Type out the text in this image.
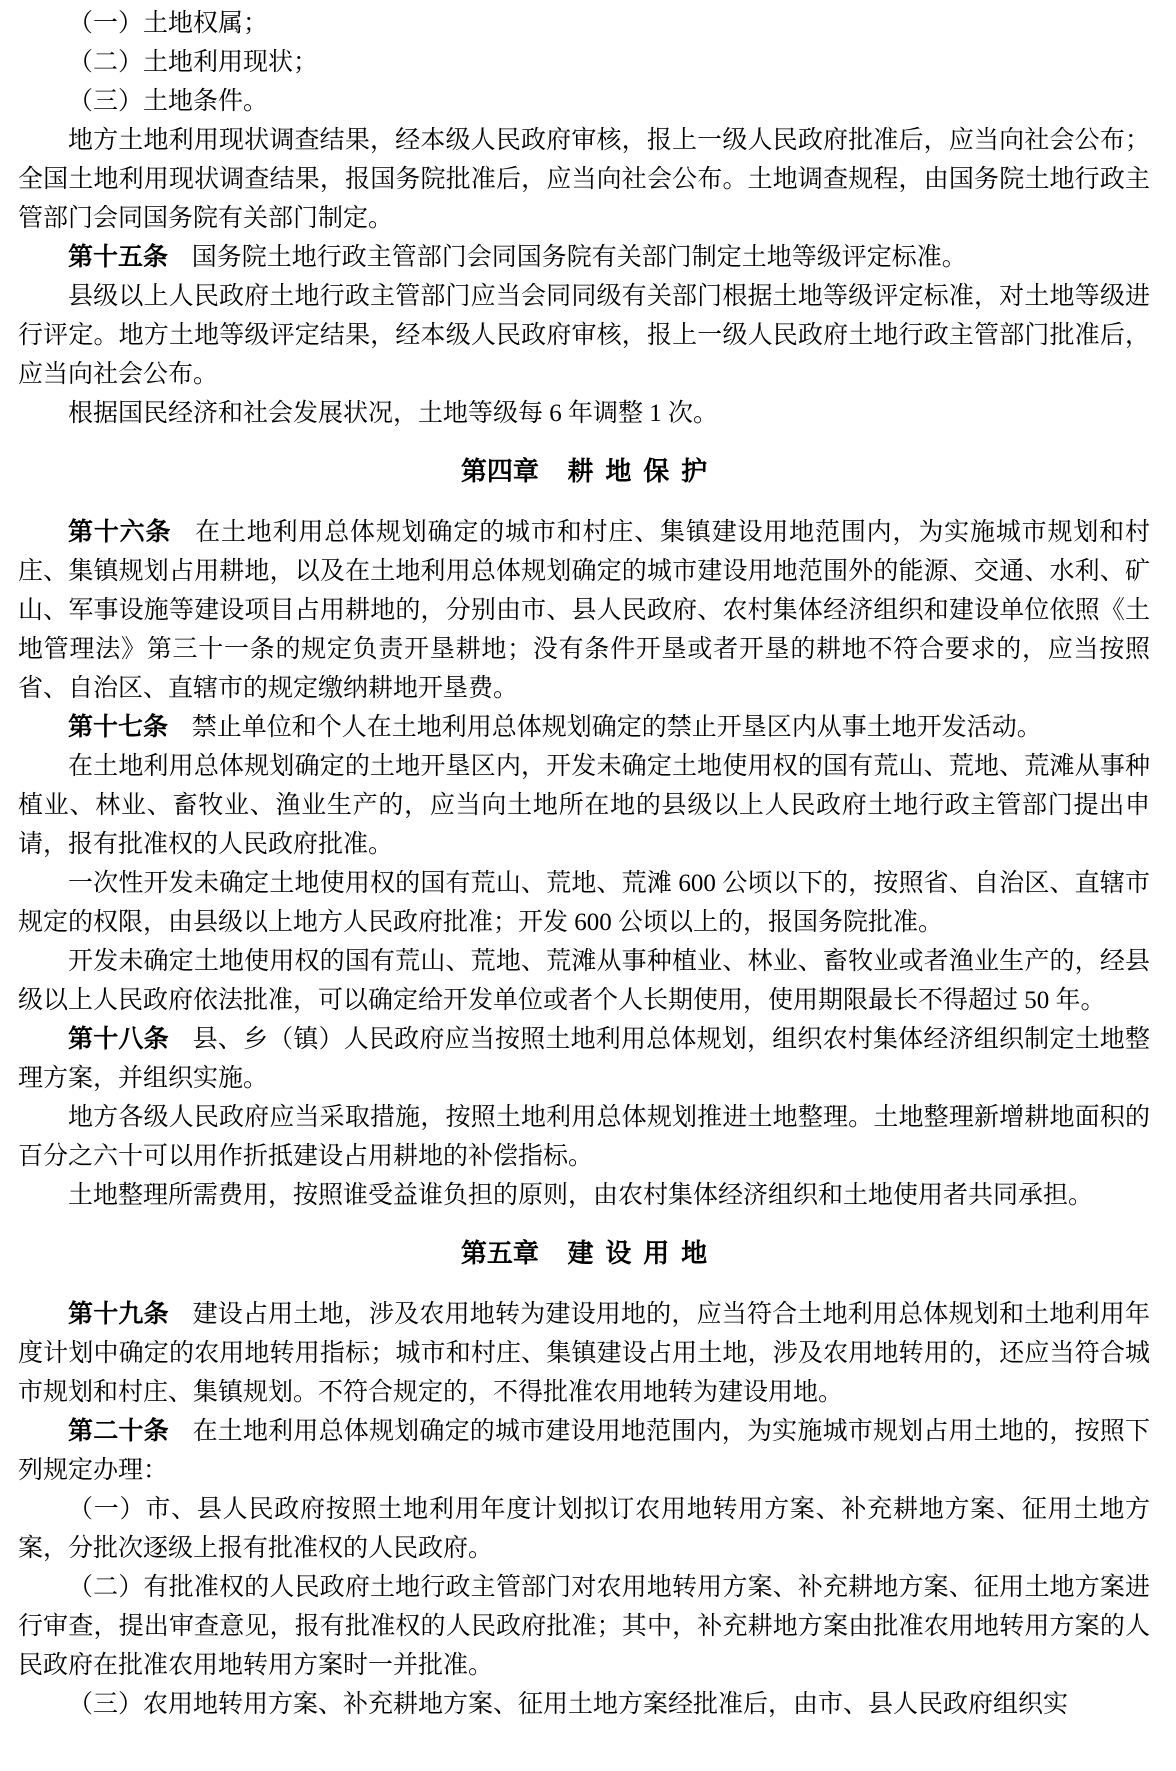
（一）土地权属；

（二）土地利用现状；

（三）土地条件。

地方土地利用现状调查结果，经本级人民政府审核，报上一级人民政府批准后，应当向社会公布；全国土地利用现状调查结果，报国务院批准后，应当向社会公布。土地调查规程，由国务院土地行政主管部门会同国务院有关部门制定。

第十五条 国务院土地行政主管部门会同国务院有关部门制定土地等级评定标准。

县级以上人民政府土地行政主管部门应当会同同级有关部门根据土地等级评定标准，对土地等级进行评定。地方土地等级评定结果，经本级人民政府审核，报上一级人民政府土地行政主管部门批准后，应当向社会公布。

根据国民经济和社会发展状况，土地等级每 6 年调整 1 次。

第四章 耕 地 保 护

第十六条 在土地利用总体规划确定的城市和村庄、集镇建设用地范围内，为实施城市规划和村庄、集镇规划占用耕地，以及在土地利用总体规划确定的城市建设用地范围外的能源、交通、水利、矿山、军事设施等建设项目占用耕地的，分别由市、县人民政府、农村集体经济组织和建设单位依照《土地管理法》第三十一条的规定负责开垦耕地；没有条件开垦或者开垦的耕地不符合要求的，应当按照省、自治区、直辖市的规定缴纳耕地开垦费。

第十七条 禁止单位和个人在土地利用总体规划确定的禁止开垦区内从事土地开发活动。

在土地利用总体规划确定的土地开垦区内，开发未确定土地使用权的国有荒山、荒地、荒滩从事种植业、林业、畜牧业、渔业生产的，应当向土地所在地的县级以上人民政府土地行政主管部门提出申请，报有批准权的人民政府批准。

一次性开发未确定土地使用权的国有荒山、荒地、荒滩 600 公顷以下的，按照省、自治区、直辖市规定的权限，由县级以上地方人民政府批准；开发 600 公顷以上的，报国务院批准。

开发未确定土地使用权的国有荒山、荒地、荒滩从事种植业、林业、畜牧业或者渔业生产的，经县级以上人民政府依法批准，可以确定给开发单位或者个人长期使用，使用期限最长不得超过 50 年。

第十八条 县、乡（镇）人民政府应当按照土地利用总体规划，组织农村集体经济组织制定土地整理方案，并组织实施。

地方各级人民政府应当采取措施，按照土地利用总体规划推进土地整理。土地整理新增耕地面积的百分之六十可以用作折抵建设占用耕地的补偿指标。

土地整理所需费用，按照谁受益谁负担的原则，由农村集体经济组织和土地使用者共同承担。

第五章 建 设 用 地

第十九条 建设占用土地，涉及农用地转为建设用地的，应当符合土地利用总体规划和土地利用年度计划中确定的农用地转用指标；城市和村庄、集镇建设占用土地，涉及农用地转用的，还应当符合城市规划和村庄、集镇规划。不符合规定的，不得批准农用地转为建设用地。

第二十条 在土地利用总体规划确定的城市建设用地范围内，为实施城市规划占用土地的，按照下列规定办理：

（一）市、县人民政府按照土地利用年度计划拟订农用地转用方案、补充耕地方案、征用土地方案，分批次逐级上报有批准权的人民政府。

（二）有批准权的人民政府土地行政主管部门对农用地转用方案、补充耕地方案、征用土地方案进行审查，提出审查意见，报有批准权的人民政府批准；其中，补充耕地方案由批准农用地转用方案的人民政府在批准农用地转用方案时一并批准。

（三）农用地转用方案、补充耕地方案、征用土地方案经批准后，由市、县人民政府组织实
